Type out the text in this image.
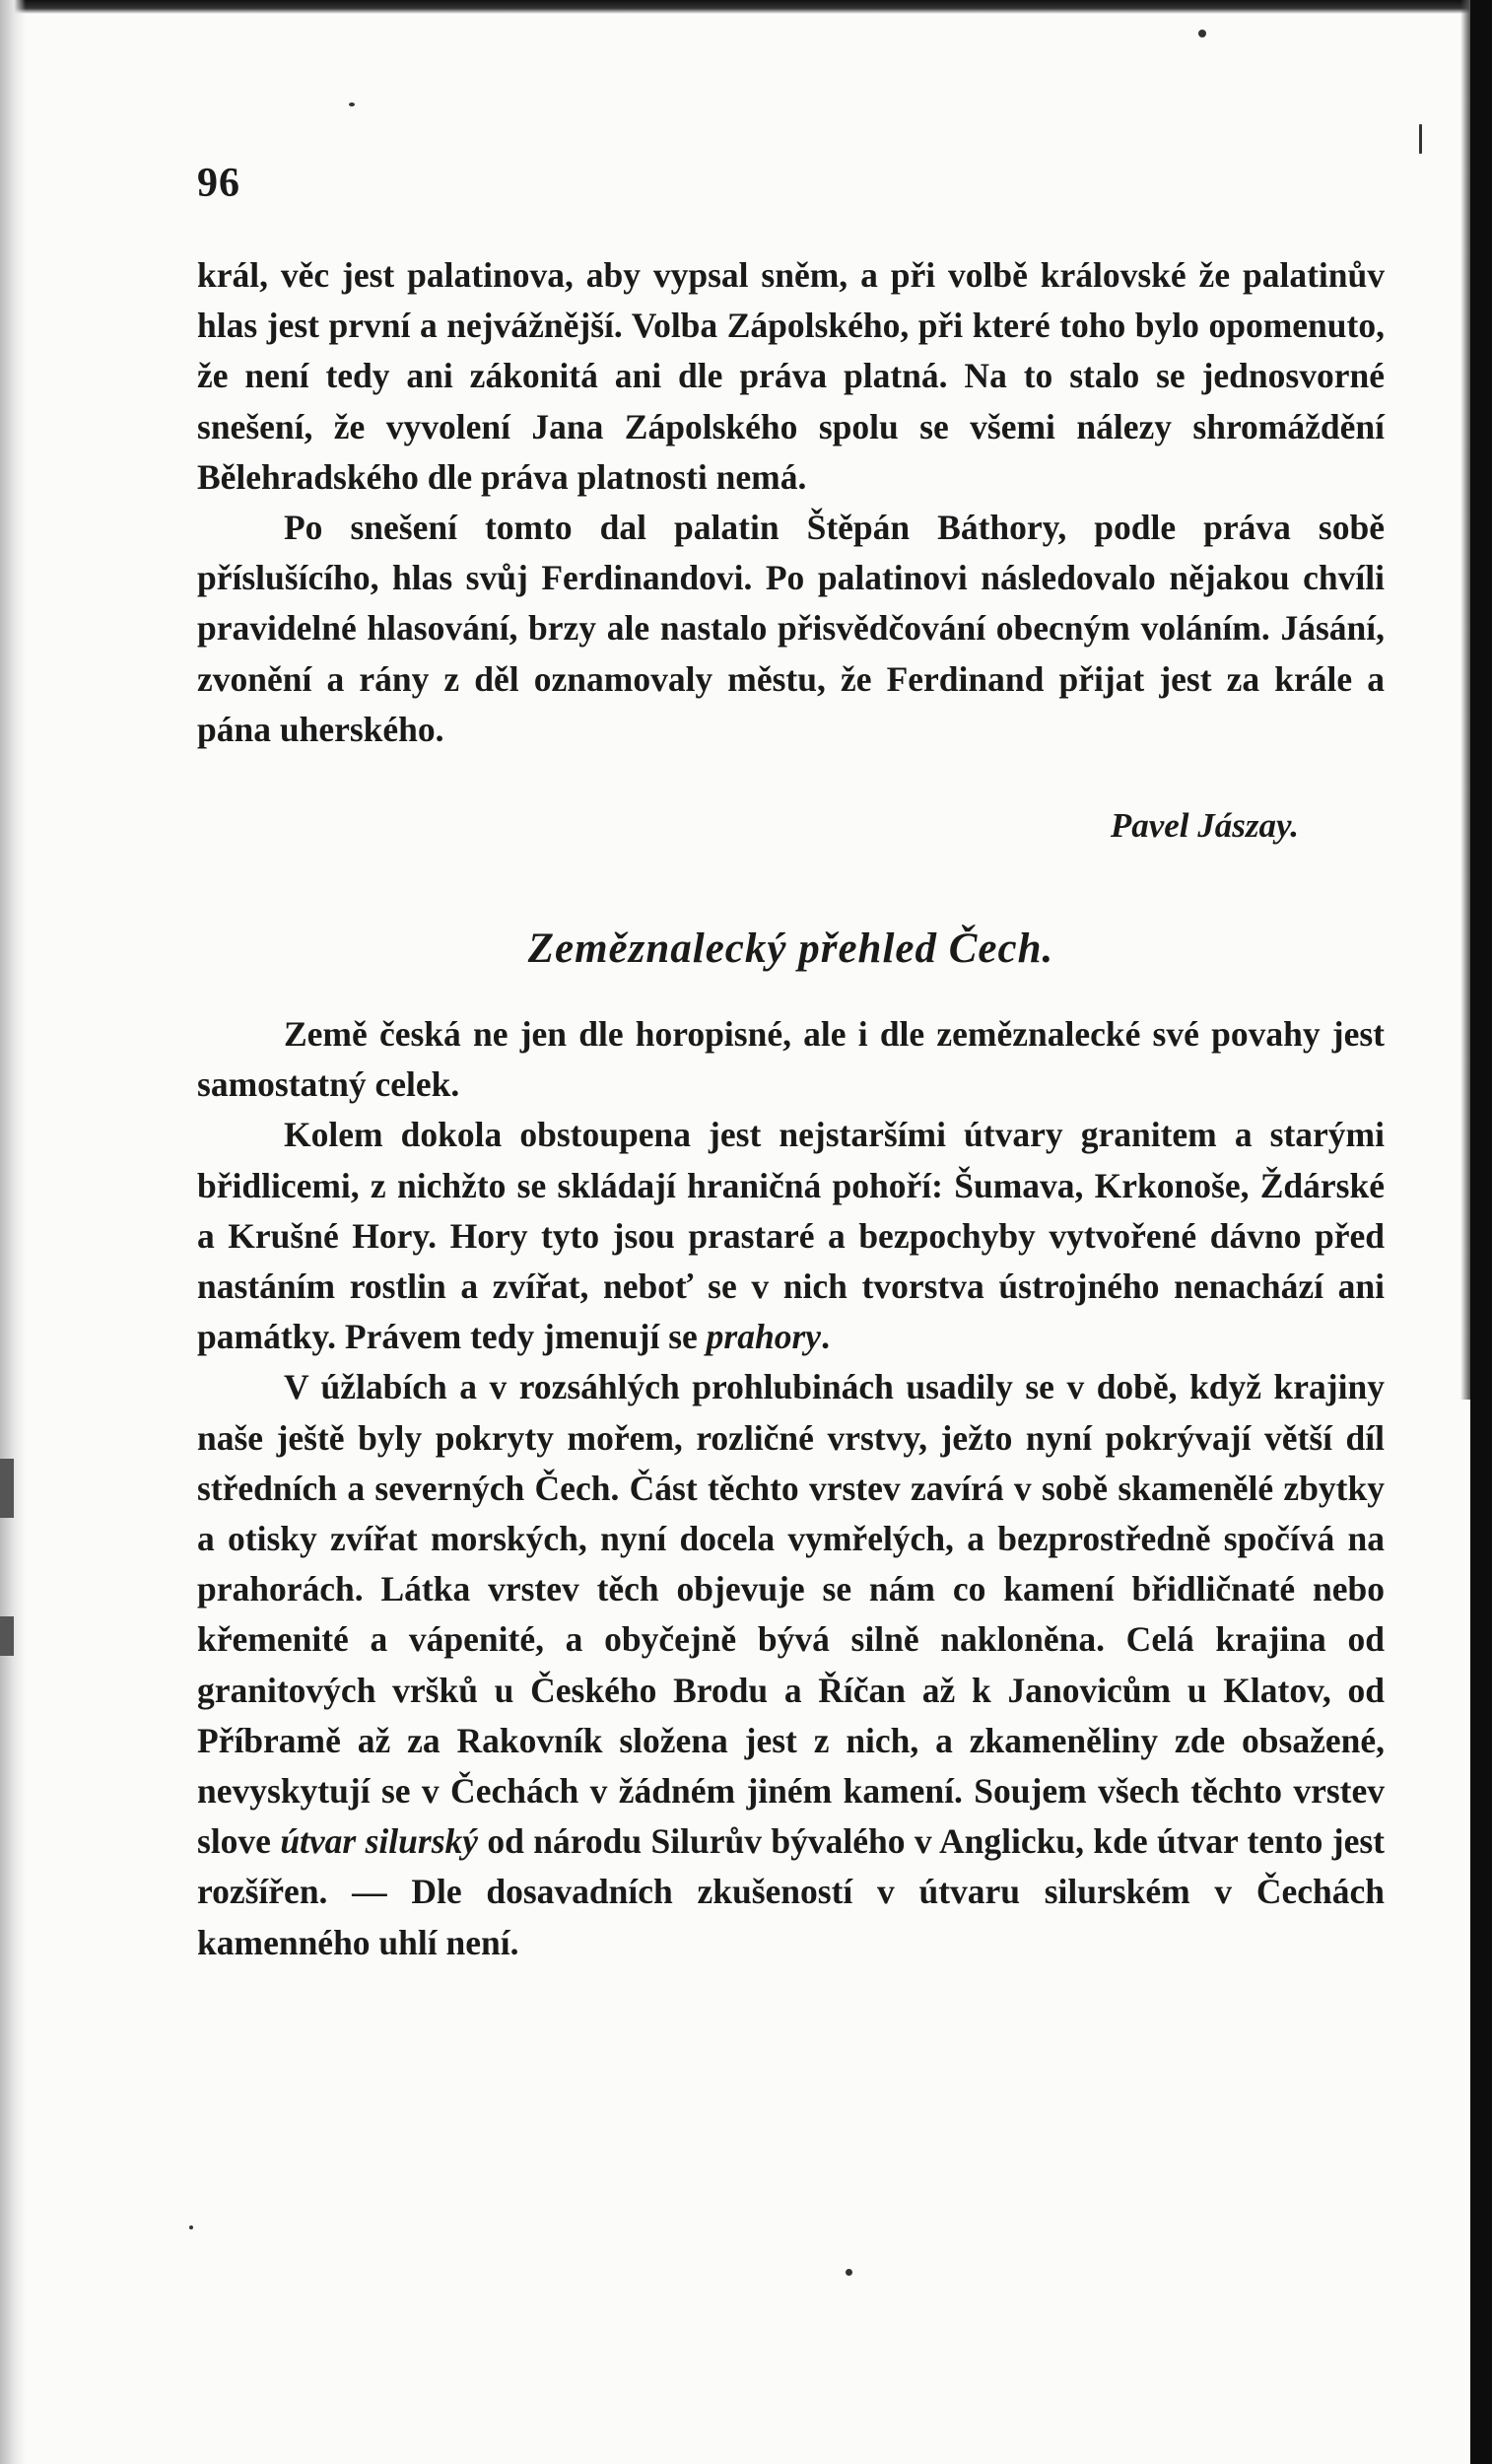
96

král, věc jest palatinova, aby vypsal sněm, a při volbě královské že palatinův hlas jest první a nejvážnější. Volba Zápolského, při které toho bylo opomenuto, že není tedy ani zákonitá ani dle práva platná. Na to stalo se jednosvorné snešení, že vyvolení Jana Zápolského spolu se všemi nálezy shromáždění Bělehradského dle práva platnosti nemá.

Po snešení tomto dal palatin Štěpán Báthory, podle práva sobě příslušícího, hlas svůj Ferdinandovi. Po palatinovi následovalo nějakou chvíli pravidelné hlasování, brzy ale nastalo přisvědčování obecným voláním. Jásání, zvonění a rány z děl oznamovaly městu, že Ferdinand přijat jest za krále a pána uherského.

Pavel Jászay.
Zeměznalecký přehled Čech.

Země česká ne jen dle horopisné, ale i dle zeměznalecké své povahy jest samostatný celek.

Kolem dokola obstoupena jest nejstaršími útvary granitem a starými břidlicemi, z nichžto se skládají hraničná pohoří: Šumava, Krkonoše, Ždárské a Krušné Hory. Hory tyto jsou prastaré a bezpochyby vytvořené dávno před nastáním rostlin a zvířat, neboť se v nich tvorstva ústrojného nenachází ani památky. Právem tedy jmenují se prahory.

V úžlabích a v rozsáhlých prohlubinách usadily se v době, když krajiny naše ještě byly pokryty mořem, rozličné vrstvy, ježto nyní pokrývají větší díl středních a severných Čech. Část těchto vrstev zavírá v sobě skamenělé zbytky a otisky zvířat morských, nyní docela vymřelých, a bezprostředně spočívá na prahorách. Látka vrstev těch objevuje se nám co kamení břidličnaté nebo křemenité a vápenité, a obyčejně bývá silně nakloněna. Celá krajina od granitových vršků u Českého Brodu a Říčan až k Janovicům u Klatov, od Příbramě až za Rakovník složena jest z nich, a zkameněliny zde obsažené, nevyskytují se v Čechách v žádném jiném kamení. Soujem všech těchto vrstev slove útvar silurský od národu Silurův bývalého v Anglicku, kde útvar tento jest rozšířen. — Dle dosavadních zkušeností v útvaru silurském v Čechách kamenného uhlí není.
